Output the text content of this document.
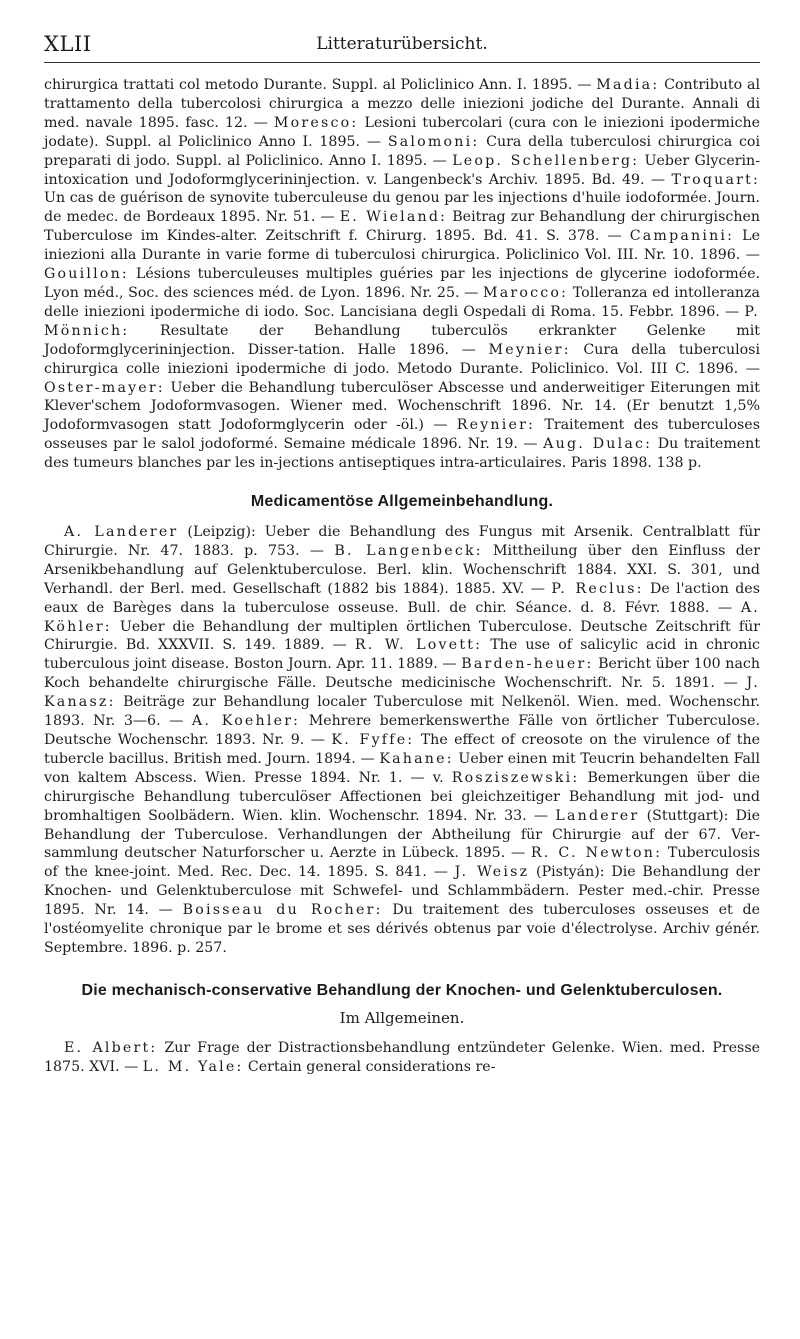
XLII	Litteraturübersicht.

chirurgica trattati col metodo Durante. Suppl. al Policlinico Ann. I. 1895. — Madia: Contributo al trattamento della tubercolosi chirurgica a mezzo delle iniezioni jodiche del Durante. Annali di med. navale 1895. fasc. 12. — Moresco: Lesioni tubercolari (cura con le iniezioni ipodermiche jodate). Suppl. al Policlinico Anno I. 1895. — Salomoni: Cura della tuberculosi chirurgica coi preparati di jodo. Suppl. al Policlinico. Anno I. 1895. — Leop. Schellenberg: Ueber Glycerin-intoxication und Jodoformglycerininjection. v. Langenbeck's Archiv. 1895. Bd. 49. — Troquart: Un cas de guérison de synovite tuberculeuse du genou par les injections d'huile iodoformée. Journ. de medec. de Bordeaux 1895. Nr. 51. — E. Wieland: Beitrag zur Behandlung der chirurgischen Tuberculose im Kindes-alter. Zeitschrift f. Chirurg. 1895. Bd. 41. S. 378. — Campanini: Le iniezioni alla Durante in varie forme di tuberculosi chirurgica. Policlinico Vol. III. Nr. 10. 1896. — Gouillon: Lésions tuberculeuses multiples guéries par les injections de glycerine iodoformée. Lyon méd., Soc. des sciences méd. de Lyon. 1896. Nr. 25. — Marocco: Tolleranza ed intolleranza delle iniezioni ipodermiche di iodo. Soc. Lancisiana degli Ospedali di Roma. 15. Febbr. 1896. — P. Mönnich: Resultate der Behandlung tuberculös erkrankter Gelenke mit Jodoformglycerininjection. Disser-tation. Halle 1896. — Meynier: Cura della tuberculosi chirurgica colle iniezioni ipodermiche di jodo. Metodo Durante. Policlinico. Vol. III C. 1896. — Oster-mayer: Ueber die Behandlung tuberculöser Abscesse und anderweitiger Eiterungen mit Klever'schem Jodoformvasogen. Wiener med. Wochenschrift 1896. Nr. 14. (Er benutzt 1,5% Jodoformvasogen statt Jodoformglycerin oder -öl.) — Reynier: Traitement des tuberculoses osseuses par le salol jodoformé. Semaine médicale 1896. Nr. 19. — Aug. Dulac: Du traitement des tumeurs blanches par les in-jections antiseptiques intra-articulaires. Paris 1898. 138 p.

Medicamentöse Allgemeinbehandlung.

A. Landerer (Leipzig): Ueber die Behandlung des Fungus mit Arsenik. Centralblatt für Chirurgie. Nr. 47. 1883. p. 753. — B. Langenbeck: Mittheilung über den Einfluss der Arsenikbehandlung auf Gelenktuberculose. Berl. klin. Wochenschrift 1884. XXI. S. 301, und Verhandl. der Berl. med. Gesellschaft (1882 bis 1884). 1885. XV. — P. Reclus: De l'action des eaux de Barèges dans la tuberculose osseuse. Bull. de chir. Séance. d. 8. Févr. 1888. — A. Köhler: Ueber die Behandlung der multiplen örtlichen Tuberculose. Deutsche Zeitschrift für Chirurgie. Bd. XXXVII. S. 149. 1889. — R. W. Lovett: The use of salicylic acid in chronic tuberculous joint disease. Boston Journ. Apr. 11. 1889. — Barden-heuer: Bericht über 100 nach Koch behandelte chirurgische Fälle. Deutsche medicinische Wochenschrift. Nr. 5. 1891. — J. Kanasz: Beiträge zur Behandlung localer Tuberculose mit Nelkenöl. Wien. med. Wochenschr. 1893. Nr. 3—6. — A. Koehler: Mehrere bemerkenswerthe Fälle von örtlicher Tuberculose. Deutsche Wochenschr. 1893. Nr. 9. — K. Fyffe: The effect of creosote on the virulence of the tubercle bacillus. British med. Journ. 1894. — Kahane: Ueber einen mit Teucrin behandelten Fall von kaltem Abscess. Wien. Presse 1894. Nr. 1. — v. Rosziszewski: Bemerkungen über die chirurgische Behandlung tuberculöser Affectionen bei gleichzeitiger Behandlung mit jod- und bromhaltigen Soolbädern. Wien. klin. Wochenschr. 1894. Nr. 33. — Landerer (Stuttgart): Die Behandlung der Tuberculose. Verhandlungen der Abtheilung für Chirurgie auf der 67. Ver-sammlung deutscher Naturforscher u. Aerzte in Lübeck. 1895. — R. C. Newton: Tuberculosis of the knee-joint. Med. Rec. Dec. 14. 1895. S. 841. — J. Weisz (Pistyán): Die Behandlung der Knochen- und Gelenktuberculose mit Schwefel- und Schlammbädern. Pester med.-chir. Presse 1895. Nr. 14. — Boisseau du Rocher: Du traitement des tuberculoses osseuses et de l'ostéomyelite chronique par le brome et ses dérivés obtenus par voie d'électrolyse. Archiv génér. Septembre. 1896. p. 257.

Die mechanisch-conservative Behandlung der Knochen- und Gelenktuberculosen.
Im Allgemeinen.

E. Albert: Zur Frage der Distractionsbehandlung entzündeter Gelenke. Wien. med. Presse 1875. XVI. — L. M. Yale: Certain general considerations re-
